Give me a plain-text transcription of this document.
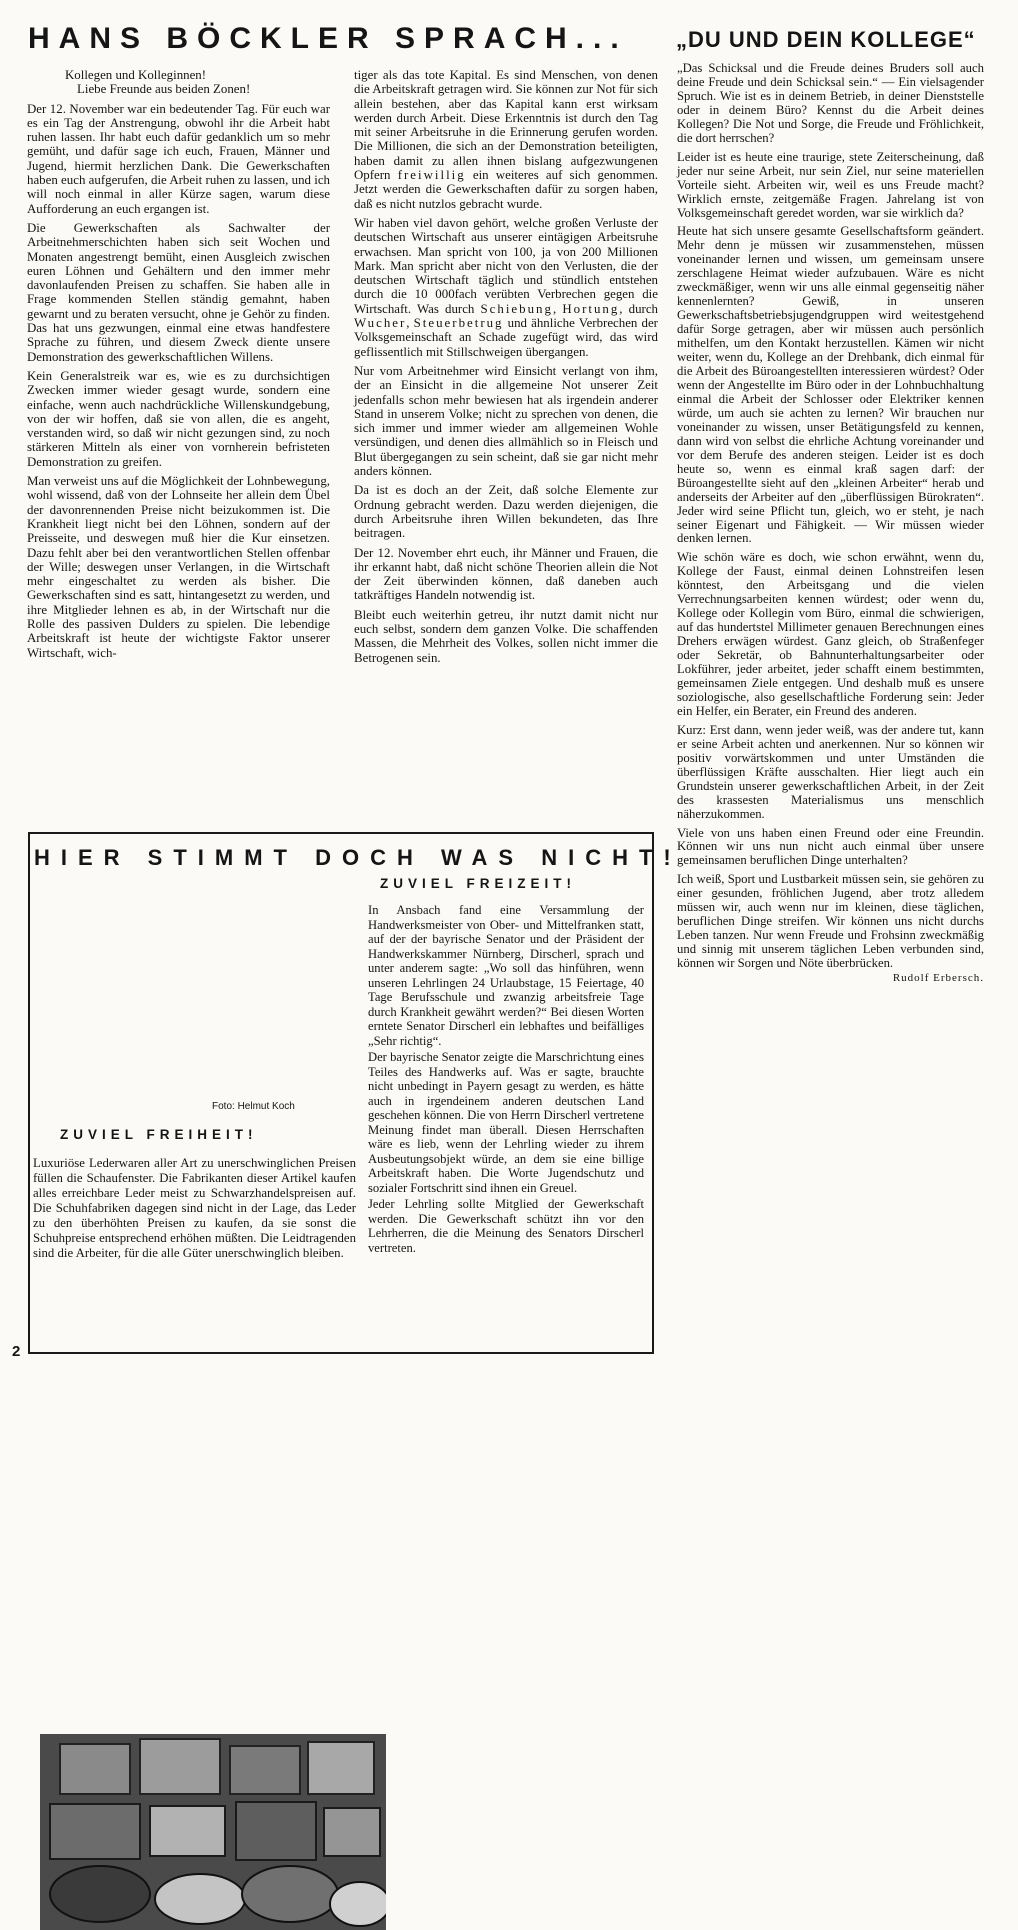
HANS BÖCKLER SPRACH... „DU UND DEIN KOLLEGE“

Kollegen und Kolleginnen!

Liebe Freunde aus beiden Zonen!

Der 12. November war ein bedeutender Tag. Für euch war es ein Tag der Anstrengung, obwohl ihr die Arbeit habt ruhen lassen. Ihr habt euch dafür gedanklich um so mehr gemüht, und dafür sage ich euch, Frauen, Männer und Jugend, hiermit herzlichen Dank. Die Gewerkschaften haben euch aufgerufen, die Arbeit ruhen zu lassen, und ich will noch einmal in aller Kürze sagen, warum diese Aufforderung an euch ergangen ist.

Die Gewerkschaften als Sachwalter der Arbeitnehmerschichten haben sich seit Wochen und Monaten angestrengt bemüht, einen Ausgleich zwischen euren Löhnen und Gehältern und den immer mehr davonlaufenden Preisen zu schaffen. Sie haben alle in Frage kommenden Stellen ständig gemahnt, haben gewarnt und zu beraten versucht, ohne je Gehör zu finden. Das hat uns gezwungen, einmal eine etwas handfestere Sprache zu führen, und diesem Zweck diente unsere Demonstration des gewerkschaftlichen Willens.

Kein Generalstreik war es, wie es zu durchsichtigen Zwecken immer wieder gesagt wurde, sondern eine einfache, wenn auch nachdrückliche Willenskundgebung, von der wir hoffen, daß sie von allen, die es angeht, verstanden wird, so daß wir nicht gezungen sind, zu noch stärkeren Mitteln als einer von vornherein befristeten Demonstration zu greifen.

Man verweist uns auf die Möglichkeit der Lohnbewegung, wohl wissend, daß von der Lohnseite her allein dem Übel der davonrennenden Preise nicht beizukommen ist. Die Krankheit liegt nicht bei den Löhnen, sondern auf der Preisseite, und deswegen muß hier die Kur einsetzen. Dazu fehlt aber bei den verantwortlichen Stellen offenbar der Wille; deswegen unser Verlangen, in die Wirtschaft mehr eingeschaltet zu werden als bisher. Die Gewerkschaften sind es satt, hintangesetzt zu werden, und ihre Mitglieder lehnen es ab, in der Wirtschaft nur die Rolle des passiven Dulders zu spielen. Die lebendige Arbeitskraft ist heute der wichtigste Faktor unserer Wirtschaft, wich-

tiger als das tote Kapital. Es sind Menschen, von denen die Arbeitskraft getragen wird. Sie können zur Not für sich allein bestehen, aber das Kapital kann erst wirksam werden durch Arbeit. Diese Erkenntnis ist durch den Tag mit seiner Arbeitsruhe in die Erinnerung gerufen worden. Die Millionen, die sich an der Demonstration beteiligten, haben damit zu allen ihnen bislang aufgezwungenen Opfern freiwillig ein weiteres auf sich genommen. Jetzt werden die Gewerkschaften dafür zu sorgen haben, daß es nicht nutzlos gebracht wurde.

Wir haben viel davon gehört, welche großen Verluste der deutschen Wirtschaft aus unserer eintägigen Arbeitsruhe erwachsen. Man spricht von 100, ja von 200 Millionen Mark. Man spricht aber nicht von den Verlusten, die der deutschen Wirtschaft täglich und stündlich entstehen durch die 10 000fach verübten Verbrechen gegen die Wirtschaft. Was durch Schiebung, Hortung, durch Wucher, Steuerbetrug und ähnliche Verbrechen der Volksgemeinschaft an Schade zugefügt wird, das wird geflissentlich mit Stillschweigen übergangen.

Nur vom Arbeitnehmer wird Einsicht verlangt von ihm, der an Einsicht in die allgemeine Not unserer Zeit jedenfalls schon mehr bewiesen hat als irgendein anderer Stand in unserem Volke; nicht zu sprechen von denen, die sich immer und immer wieder am allgemeinen Wohle versündigen, und denen dies allmählich so in Fleisch und Blut übergegangen zu sein scheint, daß sie gar nicht mehr anders können.

Da ist es doch an der Zeit, daß solche Elemente zur Ordnung gebracht werden. Dazu werden diejenigen, die durch Arbeitsruhe ihren Willen bekundeten, das Ihre beitragen.

Der 12. November ehrt euch, ihr Männer und Frauen, die ihr erkannt habt, daß nicht schöne Theorien allein die Not der Zeit überwinden können, daß daneben auch tatkräftiges Handeln notwendig ist.

Bleibt euch weiterhin getreu, ihr nutzt damit nicht nur euch selbst, sondern dem ganzen Volke. Die schaffenden Massen, die Mehrheit des Volkes, sollen nicht immer die Betrogenen sein.

„Das Schicksal und die Freude deines Bruders soll auch deine Freude und dein Schicksal sein.“ — Ein vielsagender Spruch. Wie ist es in deinem Betrieb, in deiner Dienststelle oder in deinem Büro? Kennst du die Arbeit deines Kollegen? Die Not und Sorge, die Freude und Fröhlichkeit, die dort herrschen?

Leider ist es heute eine traurige, stete Zeiterscheinung, daß jeder nur seine Arbeit, nur sein Ziel, nur seine materiellen Vorteile sieht. Arbeiten wir, weil es uns Freude macht? Wirklich ernste, zeitgemäße Fragen. Jahrelang ist von Volksgemeinschaft geredet worden, war sie wirklich da?

Heute hat sich unsere gesamte Gesellschaftsform geändert. Mehr denn je müssen wir zusammenstehen, müssen voneinander lernen und wissen, um gemeinsam unsere zerschlagene Heimat wieder aufzubauen. Wäre es nicht zweckmäßiger, wenn wir uns alle einmal gegenseitig näher kennenlernten? Gewiß, in unseren Gewerkschaftsbetriebsjugendgruppen wird weitestgehend dafür Sorge getragen, aber wir müssen auch persönlich mithelfen, um den Kontakt herzustellen. Kämen wir nicht weiter, wenn du, Kollege an der Drehbank, dich einmal für die Arbeit des Büroangestellten interessieren würdest? Oder wenn der Angestellte im Büro oder in der Lohnbuchhaltung einmal die Arbeit der Schlosser oder Elektriker kennen würde, um auch sie achten zu lernen? Wir brauchen nur voneinander zu wissen, unser Betätigungsfeld zu kennen, dann wird von selbst die ehrliche Achtung voreinander und vor dem Berufe des anderen steigen. Leider ist es doch heute so, wenn es einmal kraß sagen darf: der Büroangestellte sieht auf den „kleinen Arbeiter“ herab und anderseits der Arbeiter auf den „überflüssigen Bürokraten“. Jeder wird seine Pflicht tun, gleich, wo er steht, je nach seiner Eigenart und Fähigkeit. — Wir müssen wieder denken lernen.

Wie schön wäre es doch, wie schon erwähnt, wenn du, Kollege der Faust, einmal deinen Lohnstreifen lesen könntest, den Arbeitsgang und die vielen Verrechnungsarbeiten kennen würdest; oder wenn du, Kollege oder Kollegin vom Büro, einmal die schwierigen, auf das hundertstel Millimeter genauen Berechnungen eines Drehers erwägen würdest. Ganz gleich, ob Straßenfeger oder Sekretär, ob Bahnunterhaltungsarbeiter oder Lokführer, jeder arbeitet, jeder schafft einem bestimmten, gemeinsamen Ziele entgegen. Und deshalb muß es unsere soziologische, also gesellschaftliche Forderung sein: Jeder ein Helfer, ein Berater, ein Freund des anderen.

Kurz: Erst dann, wenn jeder weiß, was der andere tut, kann er seine Arbeit achten und anerkennen. Nur so können wir positiv vorwärtskommen und unter Umständen die überflüssigen Kräfte ausschalten. Hier liegt auch ein Grundstein unserer gewerkschaftlichen Arbeit, in der Zeit des krassesten Materialismus uns menschlich näherzukommen.

Viele von uns haben einen Freund oder eine Freundin. Können wir uns nun nicht auch einmal über unsere gemeinsamen beruflichen Dinge unterhalten?

Ich weiß, Sport und Lustbarkeit müssen sein, sie gehören zu einer gesunden, fröhlichen Jugend, aber trotz alledem müssen wir, auch wenn nur im kleinen, diese täglichen, beruflichen Dinge streifen. Wir können uns nicht durchs Leben tanzen. Nur wenn Freude und Frohsinn zweckmäßig und sinnig mit unserem täglichen Leben verbunden sind, können wir Sorgen und Nöte überbrücken.

Rudolf Erbersch.
Foto: Helmut Koch
HIER STIMMT DOCH WAS NICHT!
ZUVIEL FREIZEIT!
ZUVIEL FREIHEIT!

Luxuriöse Lederwaren aller Art zu unerschwinglichen Preisen füllen die Schaufenster. Die Fabrikanten dieser Artikel kaufen alles erreichbare Leder meist zu Schwarzhandelspreisen auf. Die Schuhfabriken dagegen sind nicht in der Lage, das Leder zu den überhöhten Preisen zu kaufen, da sie sonst die Schuhpreise entsprechend erhöhen müßten. Die Leidtragenden sind die Arbeiter, für die alle Güter unerschwinglich bleiben.

In Ansbach fand eine Versammlung der Handwerksmeister von Ober- und Mittelfranken statt, auf der der bayrische Senator und der Präsident der Handwerkskammer Nürnberg, Dirscherl, sprach und unter anderem sagte: „Wo soll das hinführen, wenn unseren Lehrlingen 24 Urlaubstage, 15 Feiertage, 40 Tage Berufsschule und zwanzig arbeitsfreie Tage durch Krankheit gewährt werden?“ Bei diesen Worten erntete Senator Dirscherl ein lebhaftes und beifälliges „Sehr richtig“.

Der bayrische Senator zeigte die Marschrichtung eines Teiles des Handwerks auf. Was er sagte, brauchte nicht unbedingt in Payern gesagt zu werden, es hätte auch in irgendeinem anderen deutschen Land geschehen können. Die von Herrn Dirscherl vertretene Meinung findet man überall. Diesen Herrschaften wäre es lieb, wenn der Lehrling wieder zu ihrem Ausbeutungsobjekt würde, an dem sie eine billige Arbeitskraft haben. Die Worte Jugendschutz und sozialer Fortschritt sind ihnen ein Greuel.

Jeder Lehrling sollte Mitglied der Gewerkschaft werden. Die Gewerkschaft schützt ihn vor den Lehrherren, die die Meinung des Senators Dirscherl vertreten.

2
